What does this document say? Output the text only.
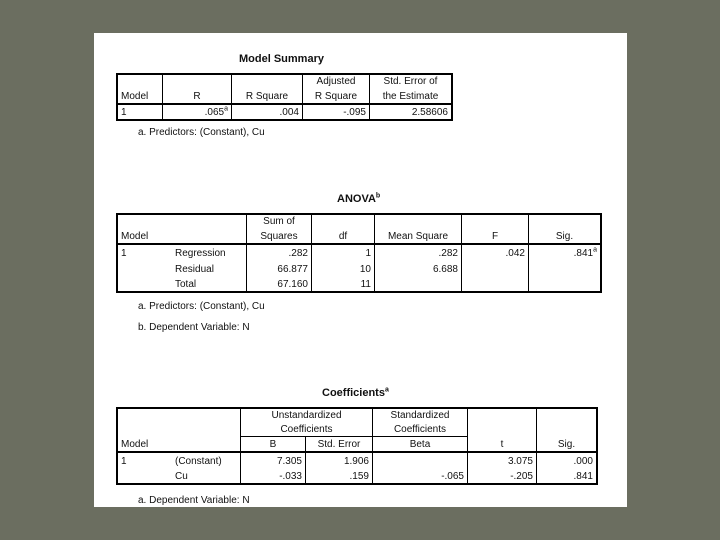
Model Summary
			Adjusted	Std. Error of
Model	R	R Square	R Square	the Estimate
1	.065$^a$	.004	-.095	2.58606
a. Predictors: (Constant), Cu
ANOVA$^b$
		Sum of				
Model		Squares	df	Mean Square	F	Sig.
1	Regression	.282	1	.282	.042	.841$^a$
	Residual	66.877	10	6.688		
	Total	67.160	11			
a. Predictors: (Constant), Cu
b. Dependent Variable: N
Coefficients$^a$
		Unstandardized		Standardized		
		Coefficients		Coefficients		
Model		B	Std. Error	Beta	t	Sig.
1	(Constant)	7.305	1.906		3.075	.000
	Cu	-.033	.159	-.065	-.205	.841
a. Dependent Variable: N
